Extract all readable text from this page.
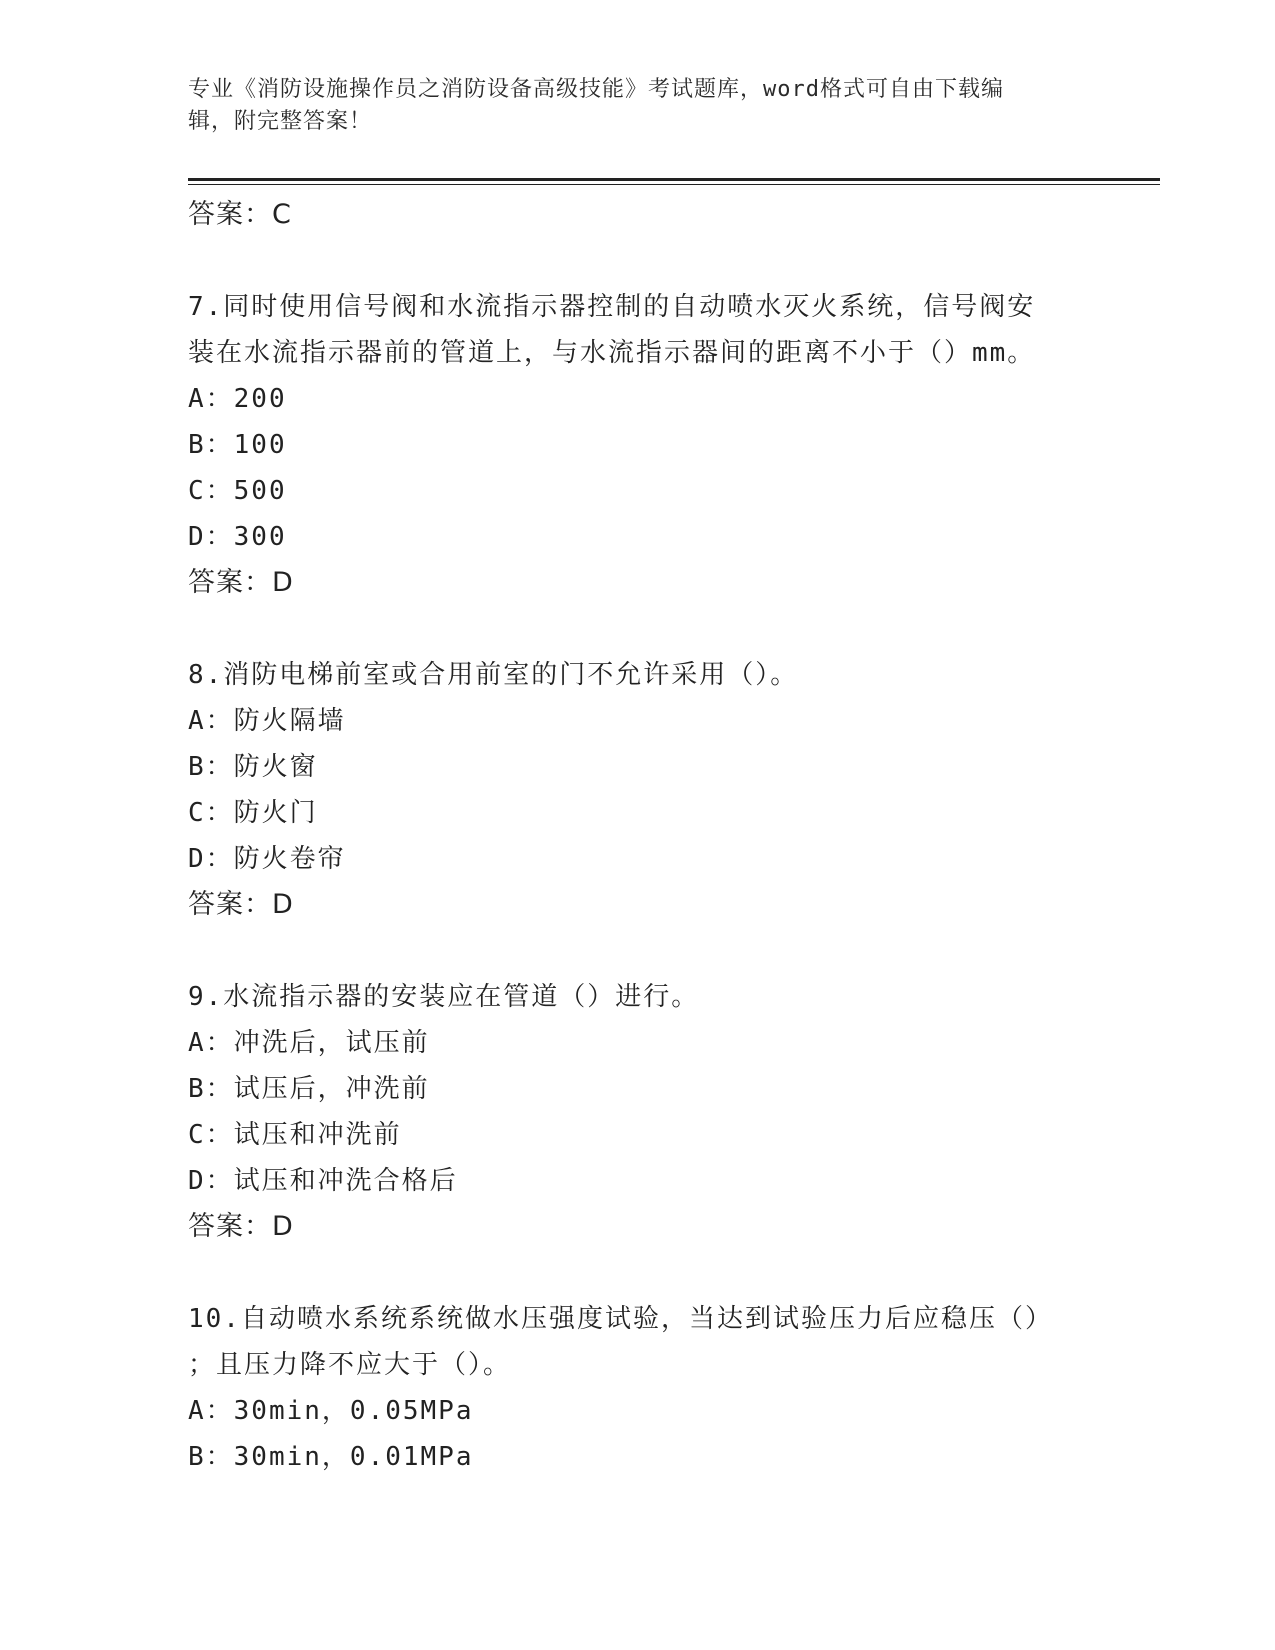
专业《消防设施操作员之消防设备高级技能》考试题库，word格式可自由下载编
辑，附完整答案！
答案：C
7.同时使用信号阀和水流指示器控制的自动喷水灭火系统，信号阀安
装在水流指示器前的管道上，与水流指示器间的距离不小于（）mm。
A：200
B：100
C：500
D：300
答案：D
8.消防电梯前室或合用前室的门不允许采用（）。
A：防火隔墙
B：防火窗
C：防火门
D：防火卷帘
答案：D
9.水流指示器的安装应在管道（）进行。
A：冲洗后，试压前
B：试压后，冲洗前
C：试压和冲洗前
D：试压和冲洗合格后
答案：D
10.自动喷水系统系统做水压强度试验，当达到试验压力后应稳压（）
；且压力降不应大于（）。
A：30min，0.05MPa
B：30min，0.01MPa
